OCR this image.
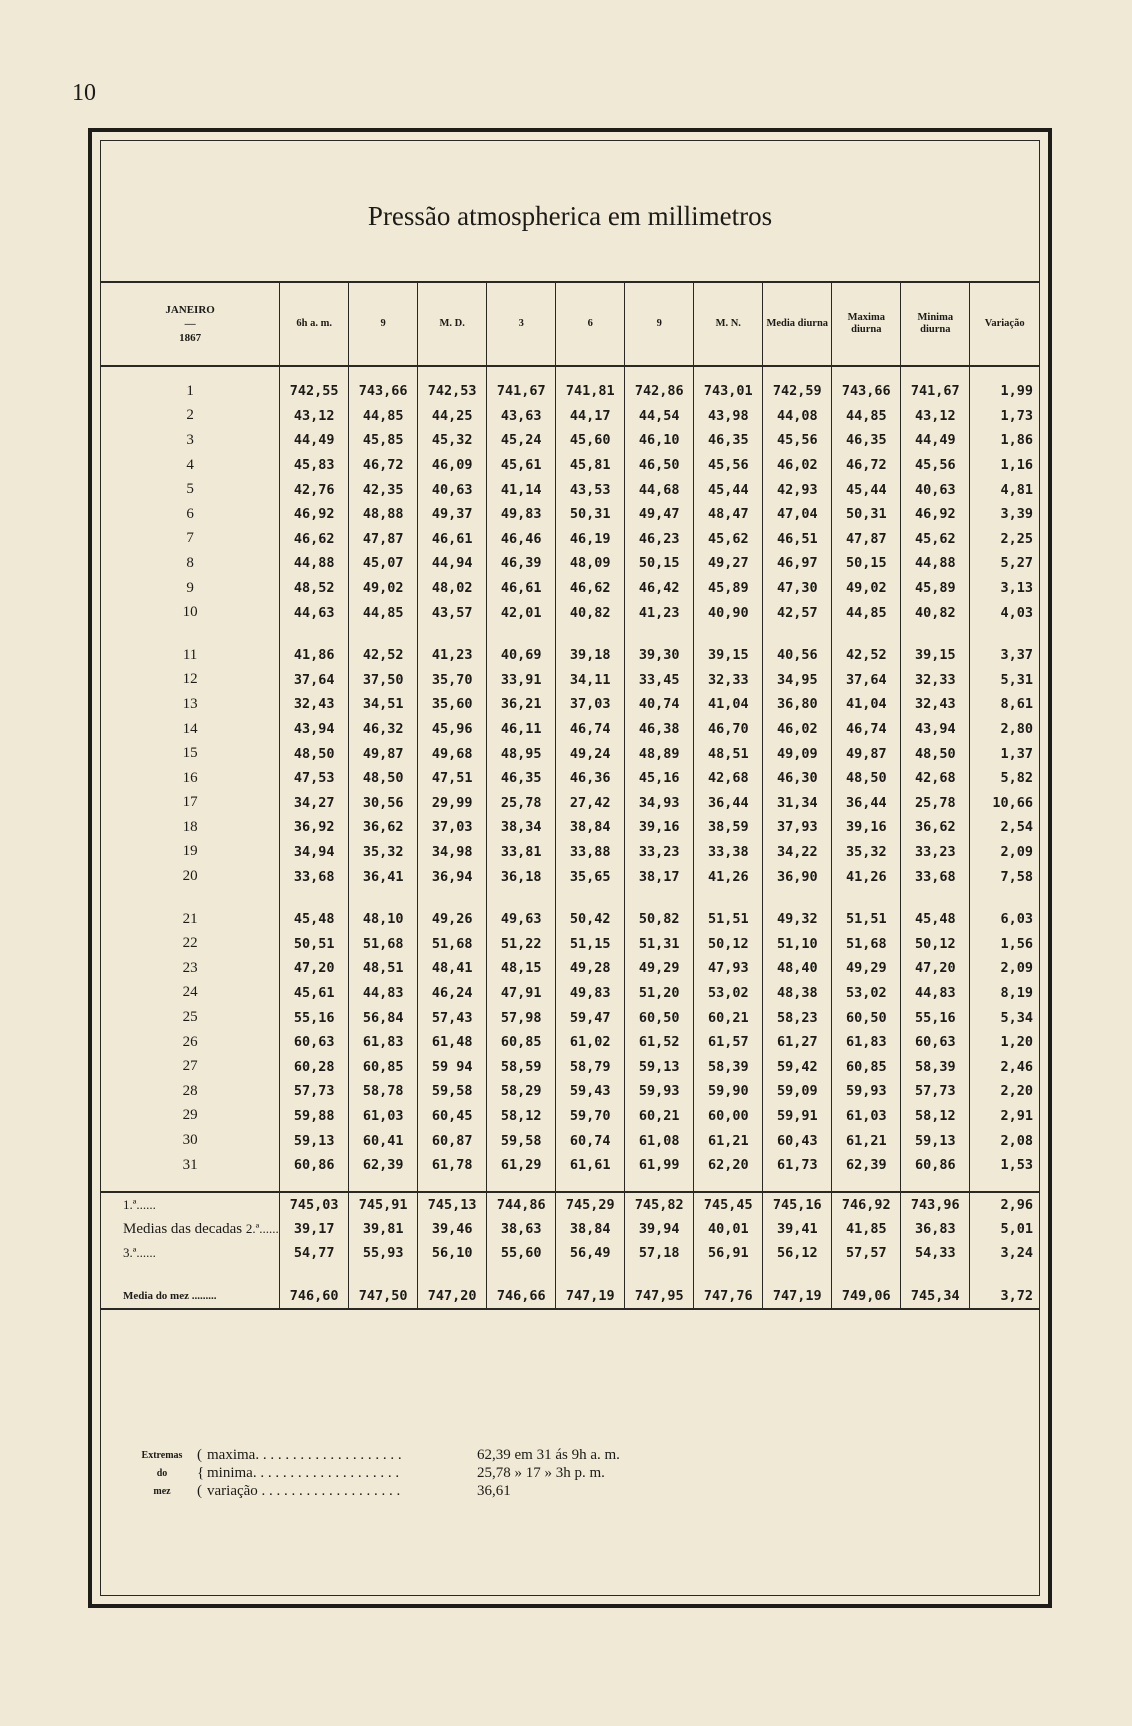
10
Pressão atmospherica em millimetros
JANEIRO
—
1867	6h a. m.	9	M. D.	3	6	9	M. N.	Media diurna	Maxima diurna	Minima diurna	Variação

1	742,55	743,66	742,53	741,67	741,81	742,86	743,01	742,59	743,66	741,67	1,99
2	43,12	44,85	44,25	43,63	44,17	44,54	43,98	44,08	44,85	43,12	1,73
3	44,49	45,85	45,32	45,24	45,60	46,10	46,35	45,56	46,35	44,49	1,86
4	45,83	46,72	46,09	45,61	45,81	46,50	45,56	46,02	46,72	45,56	1,16
5	42,76	42,35	40,63	41,14	43,53	44,68	45,44	42,93	45,44	40,63	4,81
6	46,92	48,88	49,37	49,83	50,31	49,47	48,47	47,04	50,31	46,92	3,39
7	46,62	47,87	46,61	46,46	46,19	46,23	45,62	46,51	47,87	45,62	2,25
8	44,88	45,07	44,94	46,39	48,09	50,15	49,27	46,97	50,15	44,88	5,27
9	48,52	49,02	48,02	46,61	46,62	46,42	45,89	47,30	49,02	45,89	3,13
10	44,63	44,85	43,57	42,01	40,82	41,23	40,90	42,57	44,85	40,82	4,03

11	41,86	42,52	41,23	40,69	39,18	39,30	39,15	40,56	42,52	39,15	3,37
12	37,64	37,50	35,70	33,91	34,11	33,45	32,33	34,95	37,64	32,33	5,31
13	32,43	34,51	35,60	36,21	37,03	40,74	41,04	36,80	41,04	32,43	8,61
14	43,94	46,32	45,96	46,11	46,74	46,38	46,70	46,02	46,74	43,94	2,80
15	48,50	49,87	49,68	48,95	49,24	48,89	48,51	49,09	49,87	48,50	1,37
16	47,53	48,50	47,51	46,35	46,36	45,16	42,68	46,30	48,50	42,68	5,82
17	34,27	30,56	29,99	25,78	27,42	34,93	36,44	31,34	36,44	25,78	10,66
18	36,92	36,62	37,03	38,34	38,84	39,16	38,59	37,93	39,16	36,62	2,54
19	34,94	35,32	34,98	33,81	33,88	33,23	33,38	34,22	35,32	33,23	2,09
20	33,68	36,41	36,94	36,18	35,65	38,17	41,26	36,90	41,26	33,68	7,58

21	45,48	48,10	49,26	49,63	50,42	50,82	51,51	49,32	51,51	45,48	6,03
22	50,51	51,68	51,68	51,22	51,15	51,31	50,12	51,10	51,68	50,12	1,56
23	47,20	48,51	48,41	48,15	49,28	49,29	47,93	48,40	49,29	47,20	2,09
24	45,61	44,83	46,24	47,91	49,83	51,20	53,02	48,38	53,02	44,83	8,19
25	55,16	56,84	57,43	57,98	59,47	60,50	60,21	58,23	60,50	55,16	5,34
26	60,63	61,83	61,48	60,85	61,02	61,52	61,57	61,27	61,83	60,63	1,20
27	60,28	60,85	59 94	58,59	58,79	59,13	58,39	59,42	60,85	58,39	2,46
28	57,73	58,78	59,58	58,29	59,43	59,93	59,90	59,09	59,93	57,73	2,20
29	59,88	61,03	60,45	58,12	59,70	60,21	60,00	59,91	61,03	58,12	2,91
30	59,13	60,41	60,87	59,58	60,74	61,08	61,21	60,43	61,21	59,13	2,08
31	60,86	62,39	61,78	61,29	61,61	61,99	62,20	61,73	62,39	60,86	1,53

1.ª......	745,03	745,91	745,13	744,86	745,29	745,82	745,45	745,16	746,92	743,96	2,96
Medias das decadas 2.ª......	39,17	39,81	39,46	38,63	38,84	39,94	40,01	39,41	41,85	36,83	5,01
3.ª......	54,77	55,93	56,10	55,60	56,49	57,18	56,91	56,12	57,57	54,33	3,24

Media do mez .........	746,60	747,50	747,20	746,66	747,19	747,95	747,76	747,19	749,06	745,34	3,72
Extremas ( maxima. . . . . . . . . . . . . . . . . . . .	62,39 em 31 ás 9h a. m.
do	{ minima. . . . . . . . . . . . . . . . . . . .	25,78 » 17 » 3h p. m.
mez	( variação . . . . . . . . . . . . . . . . . . .	36,61
